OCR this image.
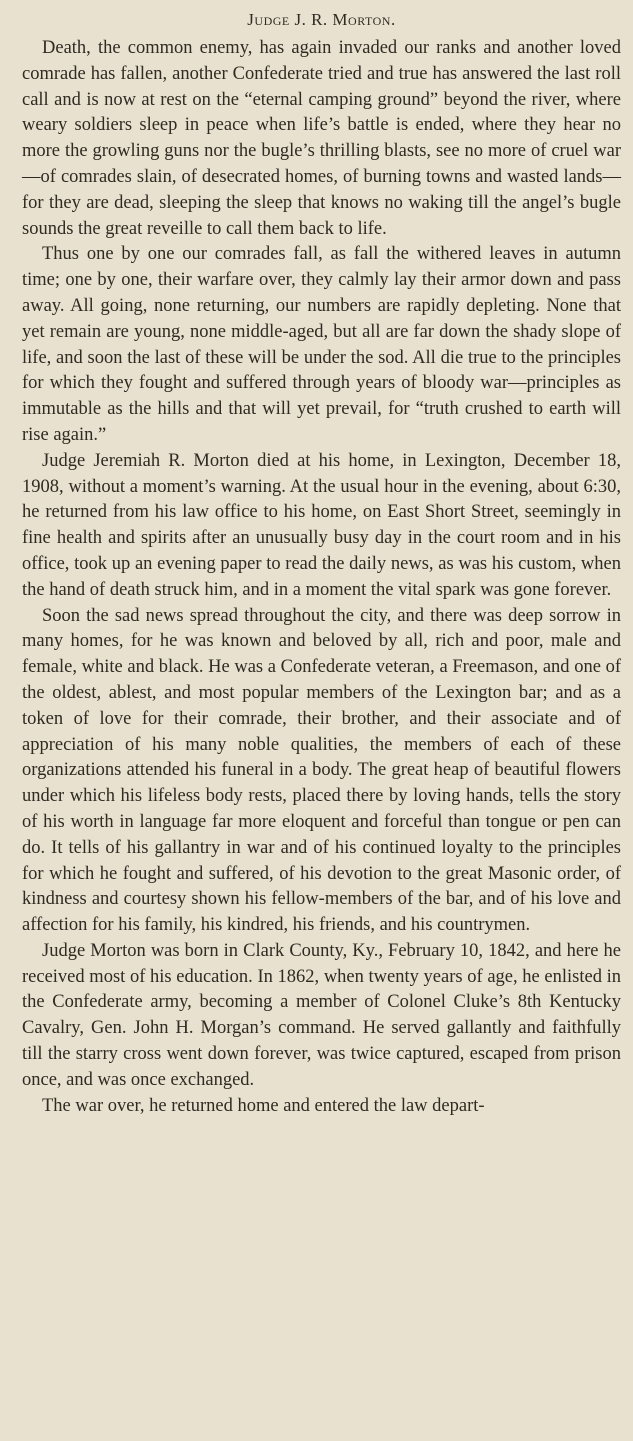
Judge J. R. Morton.

Death, the common enemy, has again invaded our ranks and another loved comrade has fallen, another Confederate tried and true has answered the last roll call and is now at rest on the “eternal camping ground” beyond the river, where weary soldiers sleep in peace when life’s battle is ended, where they hear no more the growling guns nor the bugle’s thrilling blasts, see no more of cruel war—of comrades slain, of desecrated homes, of burning towns and wasted lands—for they are dead, sleeping the sleep that knows no waking till the angel’s bugle sounds the great reveille to call them back to life.

Thus one by one our comrades fall, as fall the withered leaves in autumn time; one by one, their warfare over, they calmly lay their armor down and pass away. All going, none returning, our numbers are rapidly depleting. None that yet remain are young, none middle-aged, but all are far down the shady slope of life, and soon the last of these will be under the sod. All die true to the principles for which they fought and suffered through years of bloody war—principles as immutable as the hills and that will yet prevail, for “truth crushed to earth will rise again.”

Judge Jeremiah R. Morton died at his home, in Lexington, December 18, 1908, without a moment’s warning. At the usual hour in the evening, about 6:30, he returned from his law office to his home, on East Short Street, seemingly in fine health and spirits after an unusually busy day in the court room and in his office, took up an evening paper to read the daily news, as was his custom, when the hand of death struck him, and in a moment the vital spark was gone forever.

Soon the sad news spread throughout the city, and there was deep sorrow in many homes, for he was known and beloved by all, rich and poor, male and female, white and black. He was a Confederate veteran, a Freemason, and one of the oldest, ablest, and most popular members of the Lexington bar; and as a token of love for their comrade, their brother, and their associate and of appreciation of his many noble qualities, the members of each of these organizations attended his funeral in a body. The great heap of beautiful flowers under which his lifeless body rests, placed there by loving hands, tells the story of his worth in language far more eloquent and forceful than tongue or pen can do. It tells of his gallantry in war and of his continued loyalty to the principles for which he fought and suffered, of his devotion to the great Masonic order, of kindness and courtesy shown his fellow-members of the bar, and of his love and affection for his family, his kindred, his friends, and his countrymen.

Judge Morton was born in Clark County, Ky., February 10, 1842, and here he received most of his education. In 1862, when twenty years of age, he enlisted in the Confederate army, becoming a member of Colonel Cluke’s 8th Kentucky Cavalry, Gen. John H. Morgan’s command. He served gallantly and faithfully till the starry cross went down forever, was twice captured, escaped from prison once, and was once exchanged.

The war over, he returned home and entered the law depart-
